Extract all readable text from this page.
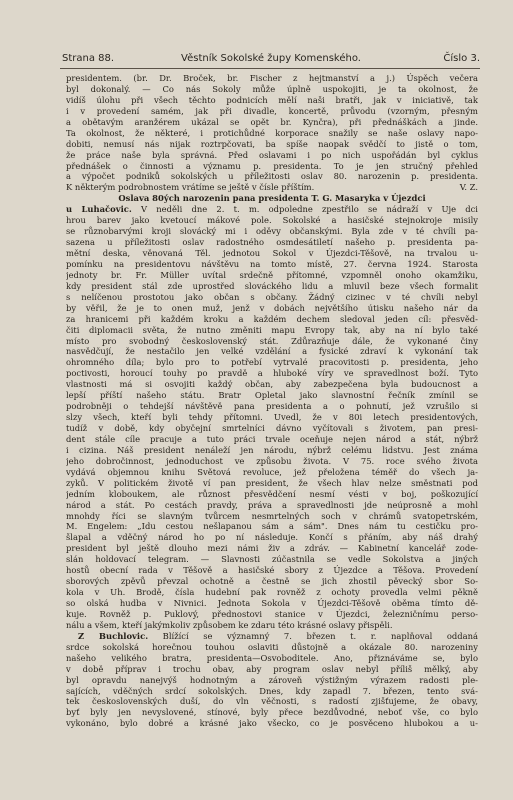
Strana 88.	Věstník Sokolské župy Komenského.	Číslo 3.
presidentem. (br. Dr. Broček, br. Fischer z hejtmanství a j.) Úspěch večera
byl dokonalý. — Co nás Sokoly může úplně uspokojiti, je ta okolnost, že
vidíš úlohu při všech těchto podnicích mělí naši bratři, jak v iniciativě, tak
i v provedení samém, jak při divadle, koncertě, průvodu (vzorným, přesným
a obětavým aranžérem ukázal se opět br. Kynčra), při přednáškách a jinde.
Ta okolnost, že některé, i protichůdné korporace snažily se naše oslavy napo-
dobiti, nemusí nás nijak roztrpčovati, ba spíše naopak svědčí to jistě o tom,
že práce naše byla správná. Před oslavami i po nich uspořádán byl cyklus
přednášek o činnosti a významu p. presidenta. To je jen stručný přehled
a výpočet podniků sokolských u příležitosti oslav 80. narozenin p. presidenta.
K některým podrobnostem vrátíme se ještě v čísle příštím.	V. Z.
Oslava 80ých narozenin pana presidenta T. G. Masaryka v Újezdci
u Luhačovic. V neděli dne 2. t. m. odpoledne zpestřilo se nádraží v Uje dci
hrou barev jako kvetoucí mákové pole. Sokolské a hasičské stejnokroje misily
se různobarvými kroji slovácký mi i oděvy občanskými. Byla zde v té chvíli pa-
sazena u příležitosti oslav radostného osmdesátiletí našeho p. presidenta pa-
mětní deska, věnovaná Těl. jednotou Sokol v Újezdci-Těšově, na trvalou u-
pomínku na presidentovu návštěvu na tomto místě, 27. června 1924. Starosta
jednoty br. Fr. Müller uvítal srdečně přítomné, vzpomněl onoho okamžiku,
kdy president stál zde uprostřed slováckého lidu a mluvil beze všech formalit
s nelíčenou prostotou jako občan s občany. Žádný cizinec v té chvíli nebyl
by věřil, že je to onen muž, jenž v dobách největšího útisku našeho nár da
za hranicemi při každém kroku a každém dechem sledoval jeden cíl: přesvěd-
čiti diplomacii světa, že nutno změniti mapu Evropy tak, aby na ní bylo také
místo pro svobodný československý stát. Zdůrazňuje dále, že vykonané činy
nasvědčují, že nestačilo jen velké vzdělání a fysické zdraví k vykonání tak
ohromného díla; bylo pro to potřebí vytrvalé pracovitosti p. presidenta, jeho
poctivosti, horoucí touhy po pravdě a hluboké víry ve spravedlnost boží. Tyto
vlastnosti má si osvojiti každý občan, aby zabezpečena byla budoucnost a
lepší příští našeho státu. Bratr Opletal jako slavnostní řečník zmínil se
podrobněji o tehdejší návštěvě pana presidenta a o pohnutí, jež vzrušilo si
slzy všech, kteří byli tehdy přítomni. Uvedl, že v 80i letech presidentových,
tudíž v době, kdy obyčejní smrtelníci dávno vyčítovali s životem, pan presi-
dent stále cíle pracuje a tuto práci trvale oceňuje nejen národ a stát, nýbrž
i cizina. Náš president nenáleží jen národu, nýbrž celému lidstvu. Jest známa
jeho dobročinnost, jednoduchost ve způsobu života. V 75. roce svého života
vydává objemnou knihu Světová revoluce, jež přeložena téměř do všech ja-
zyků. V politickém životě ví pan president, že všech hlav nelze směstnati pod
jedním kloboukem, ale různost přesvědčení nesmí vésti v boj, poškozující
národ a stát. Po cestách pravdy, práva a spravedlnosti jde neúprosně a mohl
mnohdy říci se slavným tvůrcem nesmrtelných soch v chrámů svatopetrském,
M. Engelem: „Idu cestou nešlapanou sám a sám". Dnes nám tu cestičku pro-
šlapal a vděčný národ ho po ní následuje. Končí s přáním, aby náš drahý
president byl ještě dlouho mezi námi živ a zdráv. — Kabinetní kancelář zode-
slán holdovací telegram. — Slavnosti zúčastnila se vedle Sokolstva a jiných
hostů obecní rada v Těšově a hasičské sbory z Újezdce a Těšova. Provedení
sborových zpěvů převzal ochotně a čestně se jich zhostil pěvecký sbor So-
kola v Uh. Brodě, čísla hudební pak rovněž z ochoty provedla velmi pěkně
so olská hudba v Nivnici. Jednota Sokola v Újezdci-Těšově oběma tímto dě-
kuje. Rovněž p. Puklový, přednostovi stanice v Újezdci, železničnímu perso-
nálu a všem, kteří jakýmkoliv způsobem ke zdaru této krásné oslavy přispěli.
Z Buchlovic. Blížící se významný 7. březen t. r. naplňoval oddaná
srdce sokolská horečnou touhou oslaviti důstojně a okázale 80. narozeniny
našeho velikého bratra, presidenta—Osvoboditele. Ano, přiznáváme se, bylo
v době příprav i trochu obav, aby program oslav nebyl příliš mělký, aby
byl opravdu nanejvýš hodnotným a zároveň výstižným výrazem radosti ple-
sajících, vděčných srdcí sokolských. Dnes, kdy zapadl 7. březen, tento svá-
tek československých duší, do vln věčnosti, s radostí zjišťujeme, že obavy,
byť byly jen nevyslovené, stínové, byly přece bezdůvodné, neboť vše, co bylo
vykonáno, bylo dobré a krásné jako všecko, co je posvěceno hlubokou a u-
